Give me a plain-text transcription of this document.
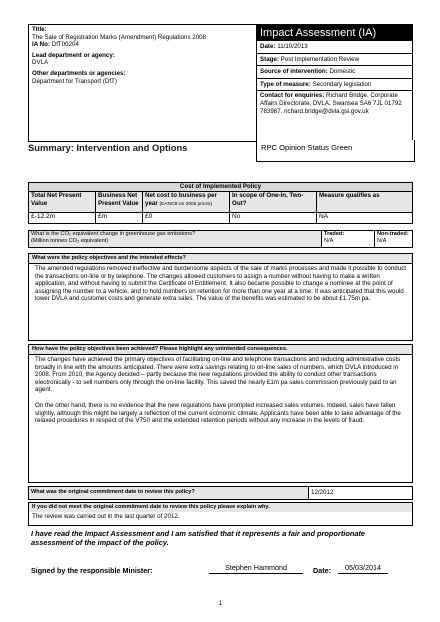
Title:
The Sale of Registration Marks (Amendment) Regulations 2008
IA No: DfT00204
Lead department or agency:
DVLA
Other departments or agencies:
Department for Transport (DfT)
Impact Assessment (IA)
Date: 11/10/2013
Stage: Post Implementation Review
Source of intervention: Domestic
Type of measure: Secondary legislation
Contact for enquiries: Richard Bridge, Corporate Affairs Directorate, DVLA, Swansea SA6 7JL 01792 783987. richard.bridge@dvla.gsi.gov.uk
Summary: Intervention and Options	RPC Opinion Status Green
Cost of Implemented Policy				
Total Net Present Value	Business Net Present Value	Net cost to business per year (EANCB on 2005 prices)	In scope of One-In, Two-Out?	Measure qualifies as
£-12.2m	£m	£0	No	NA
What is the CO₂ equivalent change in greenhouse gas emissions?
(Million tonnes CO₂ equivalent)

Traded:
N/A

Non-traded:
N/A
What were the policy objectives and the intended effects?
The amended regulations removed ineffective and burdensome aspects of the sale of marks processes and made it possible to conduct the transactions on-line or by telephone. The changes allowed customers to assign a number without having to make a written application, and without having to submit the Certificate of Entitlement. It also became possible to change a nominee at the point of assigning the number to a vehicle, and to hold numbers on retention for more than one year at a time. It was anticipated that this would lower DVLA and customer costs and generate extra sales. The value of the benefits was estimated to be about £1.75m pa.
How have the policy objectives been achieved? Please highlight any unintended consequences.
The changes have achieved the primary objectives of facilitating on-line and telephone transactions and reducing administrative costs broadly in line with the amounts anticipated. There were extra savings relating to on-line sales of numbers, which DVLA introduced in 2008. From 2010, the Agency decided – partly because the new regulations provided the ability to conduct other transactions electronically - to sell numbers only through the on-line facility. This saved the nearly £1m pa sales commission previously paid to an agent.
On the other hand, there is no evidence that the new regulations have prompted increased sales volumes. Indeed, sales have fallen slightly, although this might be largely a reflection of the current economic climate. Applicants have been able to take advantage of the relaxed procedures in respect of the V750 and the extended retention periods without any increase in the levels of fraud.
What was the original commitment date to review this policy?	12/2012
If you did not meet the original commitment date to review this policy please explain why.
The review was carried out in the last quarter of 2012.
I have read the Impact Assessment and I am satisfied that it represents a fair and proportionate assessment of the impact of the policy.
Signed by the responsible Minister:	Stephen Hammond	Date:	05/03/2014
1
